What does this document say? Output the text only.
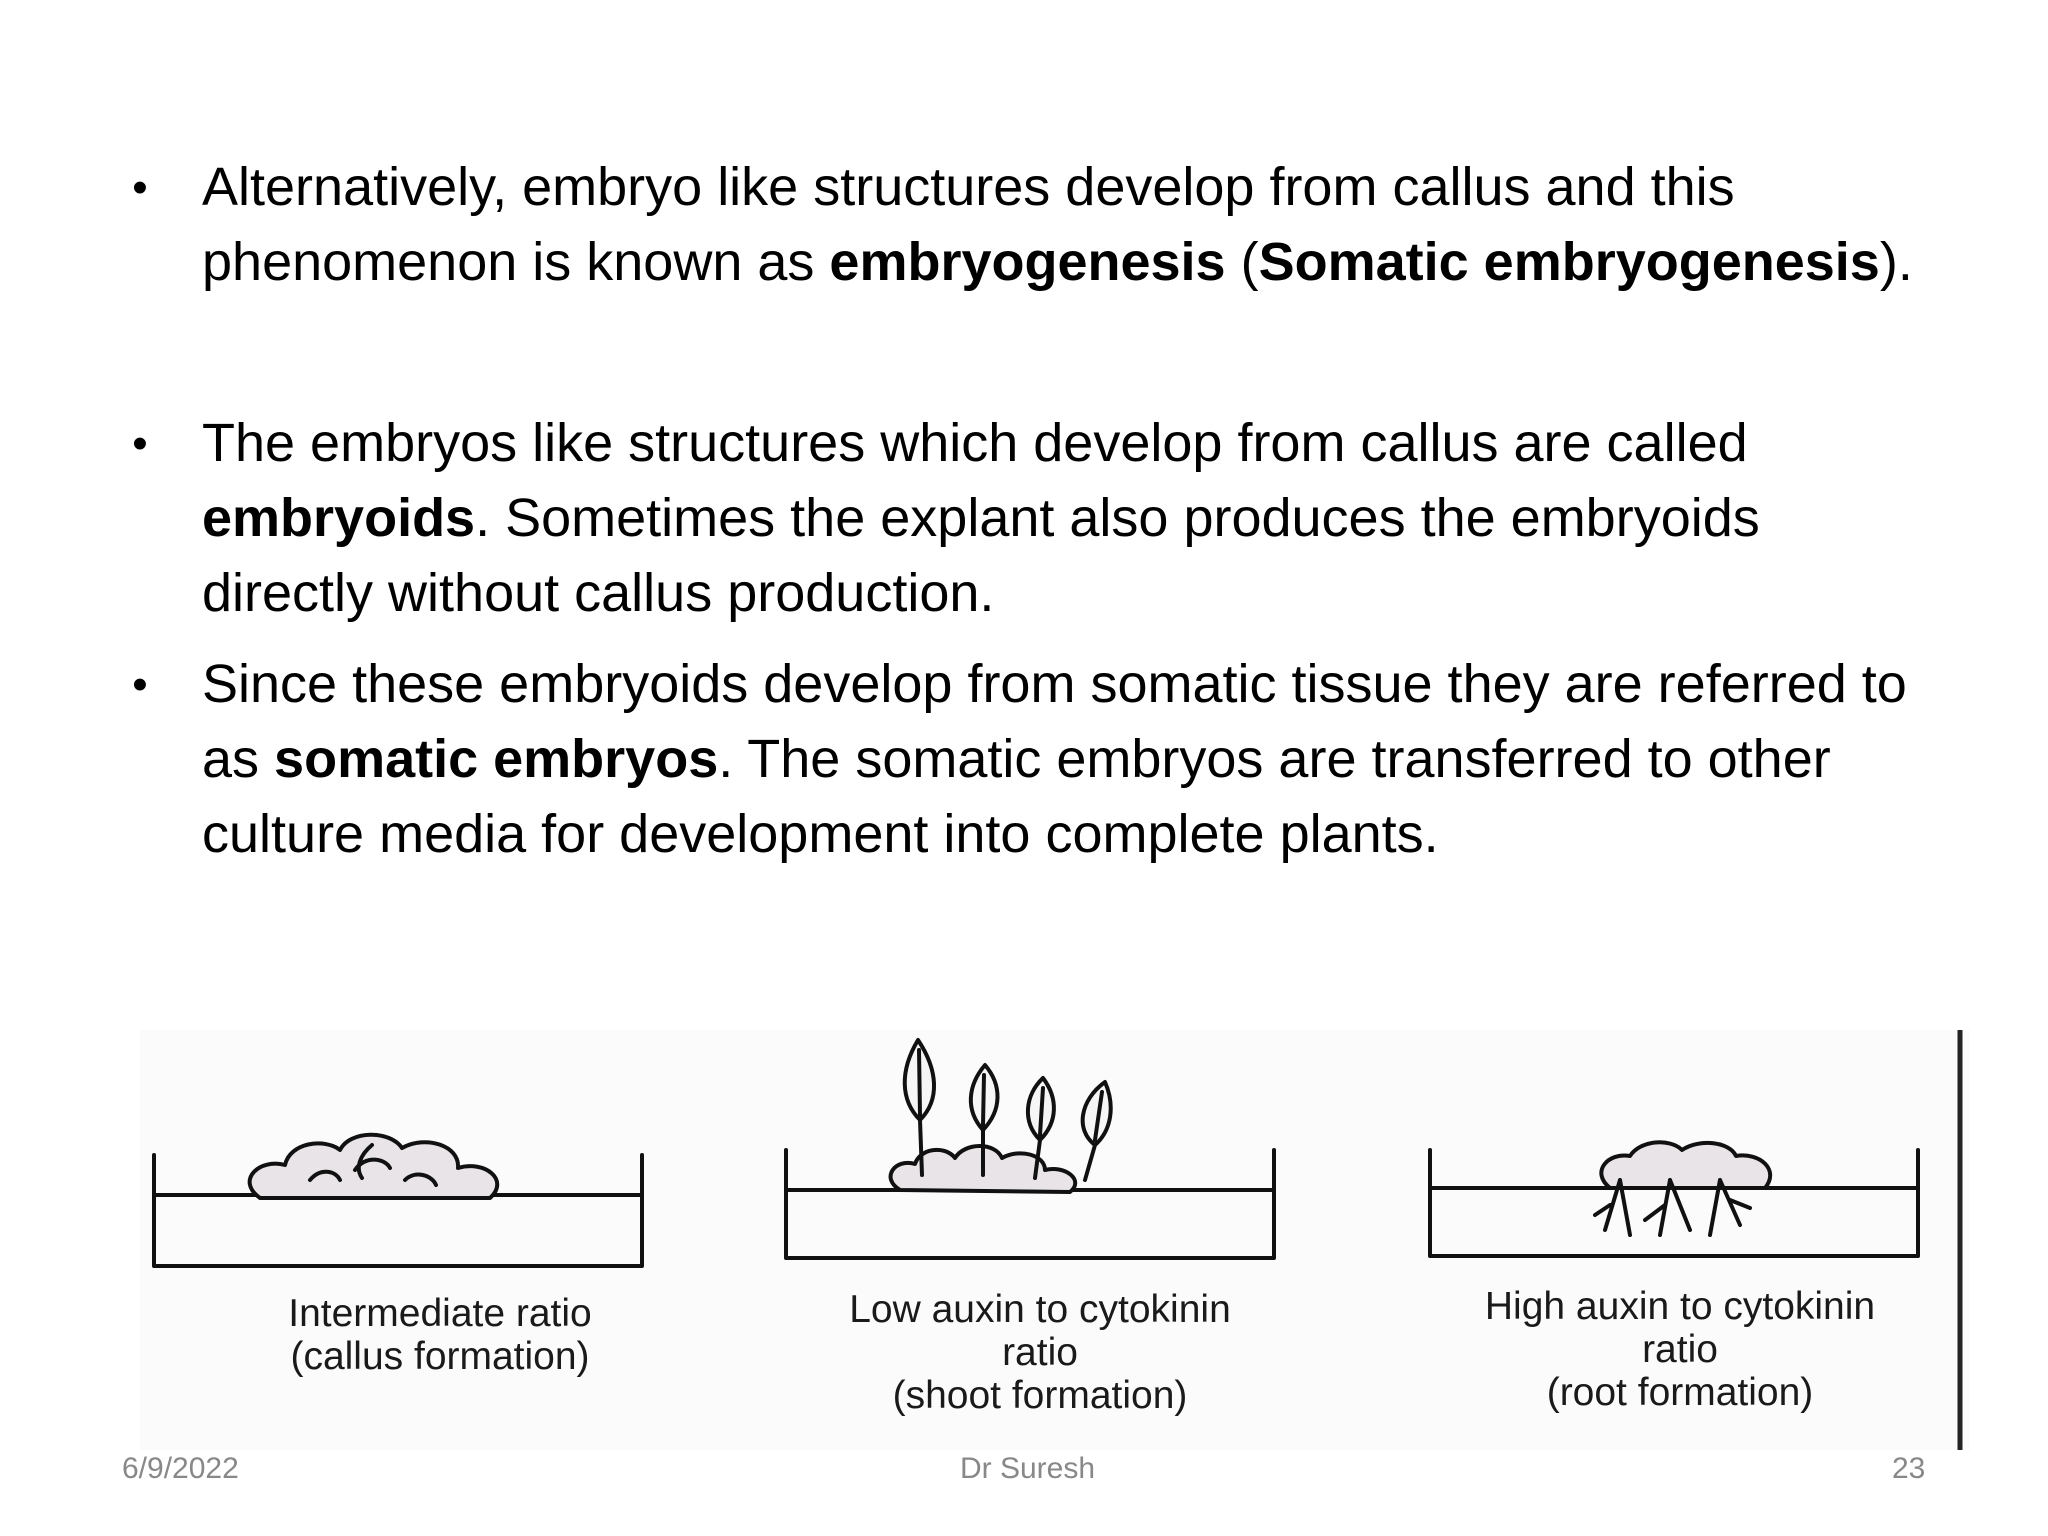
• Alternatively, embryo like structures develop from callus and this phenomenon is known as embryogenesis (Somatic embryogenesis).
• The embryos like structures which develop from callus are called embryoids. Sometimes the explant also produces the embryoids directly without callus production.
• Since these embryoids develop from somatic tissue they are referred to as somatic embryos. The somatic embryos are transferred to other culture media for development into complete plants.
Intermediate ratio
(callus formation)
Low auxin to cytokinin
ratio
(shoot formation)
High auxin to cytokinin
ratio
(root formation)
6/9/2022	Dr Suresh	23
